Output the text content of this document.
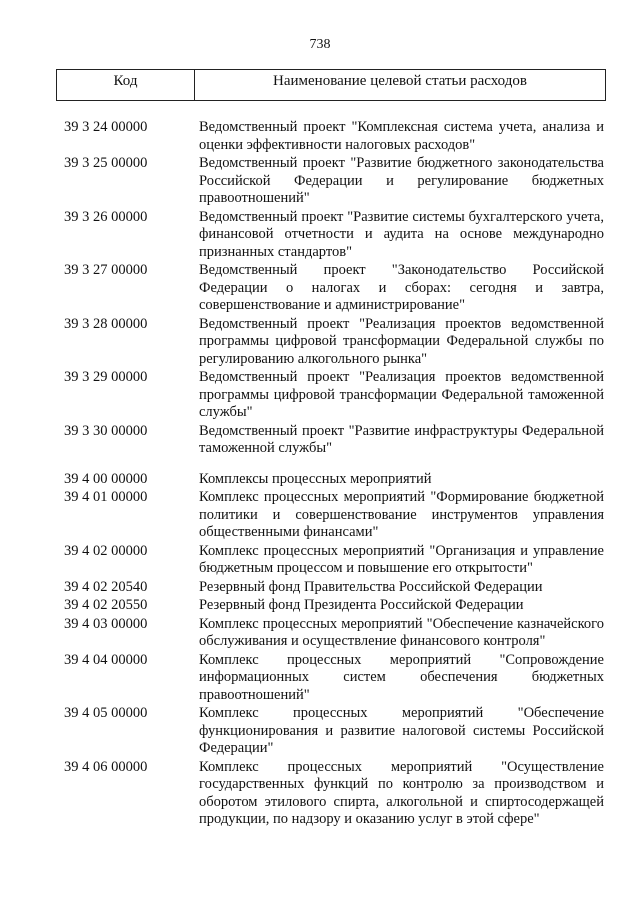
738
Код	Наименование целевой статьи расходов
39 3 24 00000	Ведомственный проект "Комплексная система учета, анализа и оценки эффективности налоговых расходов"
39 3 25 00000	Ведомственный проект "Развитие бюджетного законодательства Российской Федерации и регулирование бюджетных правоотношений"
39 3 26 00000	Ведомственный проект "Развитие системы бухгалтерского учета, финансовой отчетности и аудита на основе международно признанных стандартов"
39 3 27 00000	Ведомственный проект "Законодательство Российской Федерации о налогах и сборах: сегодня и завтра, совершенствование и администрирование"
39 3 28 00000	Ведомственный проект "Реализация проектов ведомственной программы цифровой трансформации Федеральной службы по регулированию алкогольного рынка"
39 3 29 00000	Ведомственный проект "Реализация проектов ведомственной программы цифровой трансформации Федеральной таможенной службы"
39 3 30 00000	Ведомственный проект "Развитие инфраструктуры Федеральной таможенной службы"
39 4 00 00000	Комплексы процессных мероприятий
39 4 01 00000	Комплекс процессных мероприятий "Формирование бюджетной политики и совершенствование инструментов управления общественными финансами"
39 4 02 00000	Комплекс процессных мероприятий "Организация и управление бюджетным процессом и повышение его открытости"
39 4 02 20540	Резервный фонд Правительства Российской Федерации
39 4 02 20550	Резервный фонд Президента Российской Федерации
39 4 03 00000	Комплекс процессных мероприятий "Обеспечение казначейского обслуживания и осуществление финансового контроля"
39 4 04 00000	Комплекс процессных мероприятий "Сопровождение информационных систем обеспечения бюджетных правоотношений"
39 4 05 00000	Комплекс процессных мероприятий "Обеспечение функционирования и развитие налоговой системы Российской Федерации"
39 4 06 00000	Комплекс процессных мероприятий "Осуществление государственных функций по контролю за производством и оборотом этилового спирта, алкогольной и спиртосодержащей продукции, по надзору и оказанию услуг в этой сфере"
